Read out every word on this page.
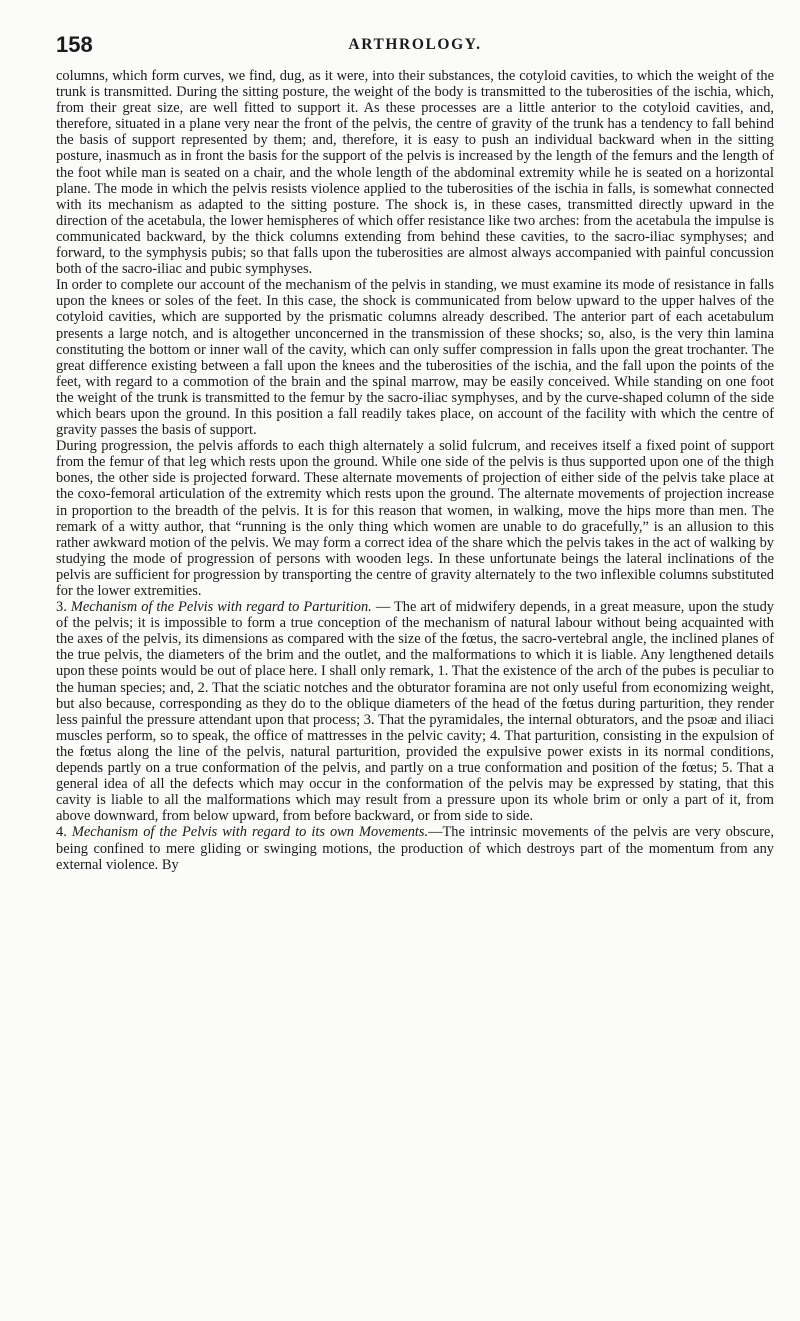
158	ARTHROLOGY.

columns, which form curves, we find, dug, as it were, into their substances, the cotyloid cavities, to which the weight of the trunk is transmitted. During the sitting posture, the weight of the body is transmitted to the tuberosities of the ischia, which, from their great size, are well fitted to support it. As these processes are a little anterior to the cotyloid cavities, and, therefore, situated in a plane very near the front of the pelvis, the centre of gravity of the trunk has a tendency to fall behind the basis of support represented by them; and, therefore, it is easy to push an individual backward when in the sitting posture, inasmuch as in front the basis for the support of the pelvis is increased by the length of the femurs and the length of the foot while man is seated on a chair, and the whole length of the abdominal extremity while he is seated on a horizontal plane. The mode in which the pelvis resists violence applied to the tuberosities of the ischia in falls, is somewhat connected with its mechanism as adapted to the sitting posture. The shock is, in these cases, transmitted directly upward in the direction of the acetabula, the lower hemispheres of which offer resistance like two arches: from the acetabula the impulse is communicated backward, by the thick columns extending from behind these cavities, to the sacro-iliac symphyses; and forward, to the symphysis pubis; so that falls upon the tuberosities are almost always accompanied with painful concussion both of the sacro-iliac and pubic symphyses.

In order to complete our account of the mechanism of the pelvis in standing, we must examine its mode of resistance in falls upon the knees or soles of the feet. In this case, the shock is communicated from below upward to the upper halves of the cotyloid cavities, which are supported by the prismatic columns already described. The anterior part of each acetabulum presents a large notch, and is altogether unconcerned in the transmission of these shocks; so, also, is the very thin lamina constituting the bottom or inner wall of the cavity, which can only suffer compression in falls upon the great trochanter. The great difference existing between a fall upon the knees and the tuberosities of the ischia, and the fall upon the points of the feet, with regard to a commotion of the brain and the spinal marrow, may be easily conceived. While standing on one foot the weight of the trunk is transmitted to the femur by the sacro-iliac symphyses, and by the curve-shaped column of the side which bears upon the ground. In this position a fall readily takes place, on account of the facility with which the centre of gravity passes the basis of support.

During progression, the pelvis affords to each thigh alternately a solid fulcrum, and receives itself a fixed point of support from the femur of that leg which rests upon the ground. While one side of the pelvis is thus supported upon one of the thigh bones, the other side is projected forward. These alternate movements of projection of either side of the pelvis take place at the coxo-femoral articulation of the extremity which rests upon the ground. The alternate movements of projection increase in proportion to the breadth of the pelvis. It is for this reason that women, in walking, move the hips more than men. The remark of a witty author, that “running is the only thing which women are unable to do gracefully,” is an allusion to this rather awkward motion of the pelvis. We may form a correct idea of the share which the pelvis takes in the act of walking by studying the mode of progression of persons with wooden legs. In these unfortunate beings the lateral inclinations of the pelvis are sufficient for progression by transporting the centre of gravity alternately to the two inflexible columns substituted for the lower extremities.

3. Mechanism of the Pelvis with regard to Parturition. — The art of midwifery depends, in a great measure, upon the study of the pelvis; it is impossible to form a true conception of the mechanism of natural labour without being acquainted with the axes of the pelvis, its dimensions as compared with the size of the fœtus, the sacro-vertebral angle, the inclined planes of the true pelvis, the diameters of the brim and the outlet, and the malformations to which it is liable. Any lengthened details upon these points would be out of place here. I shall only remark, 1. That the existence of the arch of the pubes is peculiar to the human species; and, 2. That the sciatic notches and the obturator foramina are not only useful from economizing weight, but also because, corresponding as they do to the oblique diameters of the head of the fœtus during parturition, they render less painful the pressure attendant upon that process; 3. That the pyramidales, the internal obturators, and the psoæ and iliaci muscles perform, so to speak, the office of mattresses in the pelvic cavity; 4. That parturition, consisting in the expulsion of the fœtus along the line of the pelvis, natural parturition, provided the expulsive power exists in its normal conditions, depends partly on a true conformation of the pelvis, and partly on a true conformation and position of the fœtus; 5. That a general idea of all the defects which may occur in the conformation of the pelvis may be expressed by stating, that this cavity is liable to all the malformations which may result from a pressure upon its whole brim or only a part of it, from above downward, from below upward, from before backward, or from side to side.

4. Mechanism of the Pelvis with regard to its own Movements.—The intrinsic movements of the pelvis are very obscure, being confined to mere gliding or swinging motions, the production of which destroys part of the momentum from any external violence. By
